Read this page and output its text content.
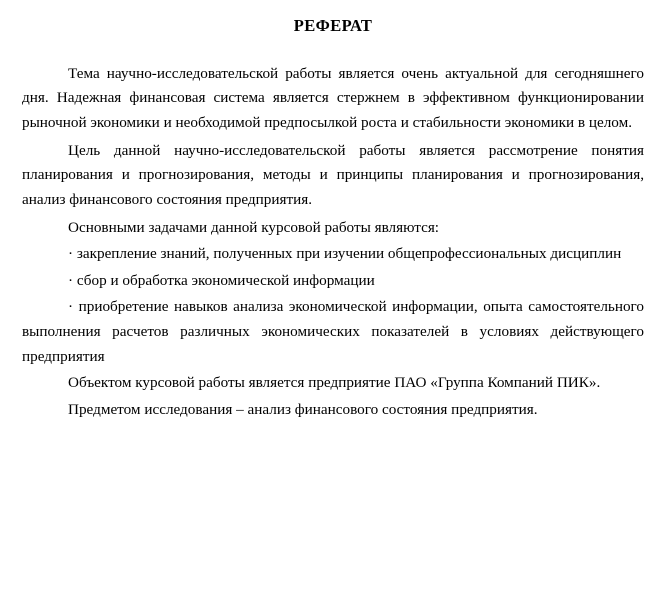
РЕФЕРАТ

Тема научно-исследовательской работы является очень актуальной для сегодняшнего дня. Надежная финансовая система является стержнем в эффективном функционировании рыночной экономики и необходимой предпосылкой роста и стабильности экономики в целом.

Цель данной научно-исследовательской работы является рассмотрение понятия планирования и прогнозирования, методы и принципы планирования и прогнозирования, анализ финансового состояния предприятия.

Основными задачами данной курсовой работы являются:

· закрепление знаний, полученных при изучении общепрофессиональных дисциплин

· сбор и обработка экономической информации

· приобретение навыков анализа экономической информации, опыта самостоятельного выполнения расчетов различных экономических показателей в условиях действующего предприятия

Объектом курсовой работы является предприятие ПАО «Группа Компаний ПИК».

Предметом исследования – анализ финансового состояния предприятия.
